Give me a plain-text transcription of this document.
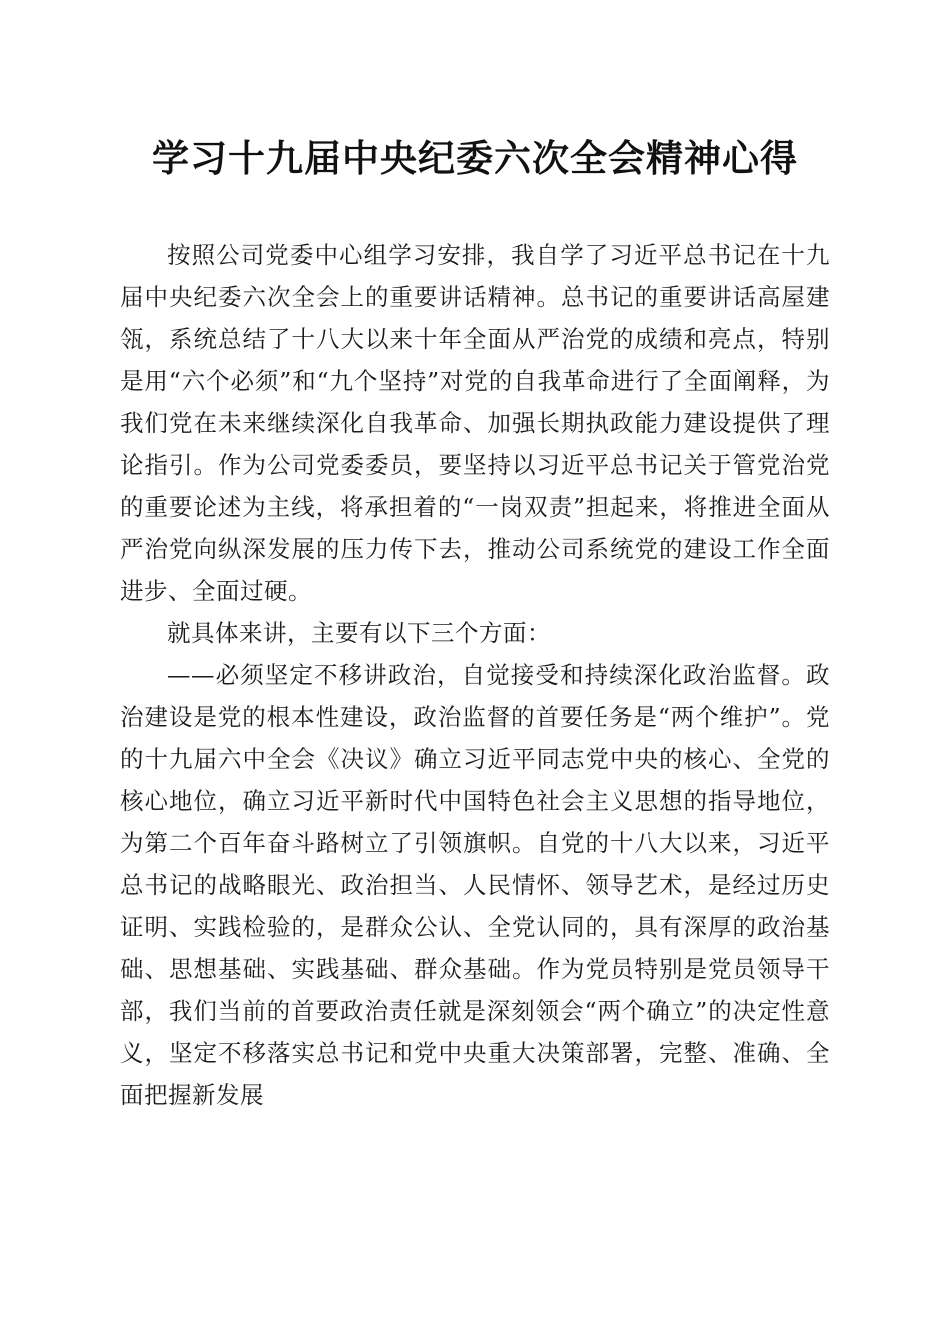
学习十九届中央纪委六次全会精神心得

按照公司党委中心组学习安排，我自学了习近平总书记在十九届中央纪委六次全会上的重要讲话精神。总书记的重要讲话高屋建瓴，系统总结了十八大以来十年全面从严治党的成绩和亮点，特别是用“六个必须”和“九个坚持”对党的自我革命进行了全面阐释，为我们党在未来继续深化自我革命、加强长期执政能力建设提供了理论指引。作为公司党委委员，要坚持以习近平总书记关于管党治党的重要论述为主线，将承担着的“一岗双责”担起来，将推进全面从严治党向纵深发展的压力传下去，推动公司系统党的建设工作全面进步、全面过硬。

就具体来讲，主要有以下三个方面：

——必须坚定不移讲政治，自觉接受和持续深化政治监督。政治建设是党的根本性建设，政治监督的首要任务是“两个维护”。党的十九届六中全会《决议》确立习近平同志党中央的核心、全党的核心地位，确立习近平新时代中国特色社会主义思想的指导地位，为第二个百年奋斗路树立了引领旗帜。自党的十八大以来，习近平总书记的战略眼光、政治担当、人民情怀、领导艺术，是经过历史证明、实践检验的，是群众公认、全党认同的，具有深厚的政治基础、思想基础、实践基础、群众基础。作为党员特别是党员领导干部，我们当前的首要政治责任就是深刻领会“两个确立”的决定性意义，坚定不移落实总书记和党中央重大决策部署，完整、准确、全面把握新发展
